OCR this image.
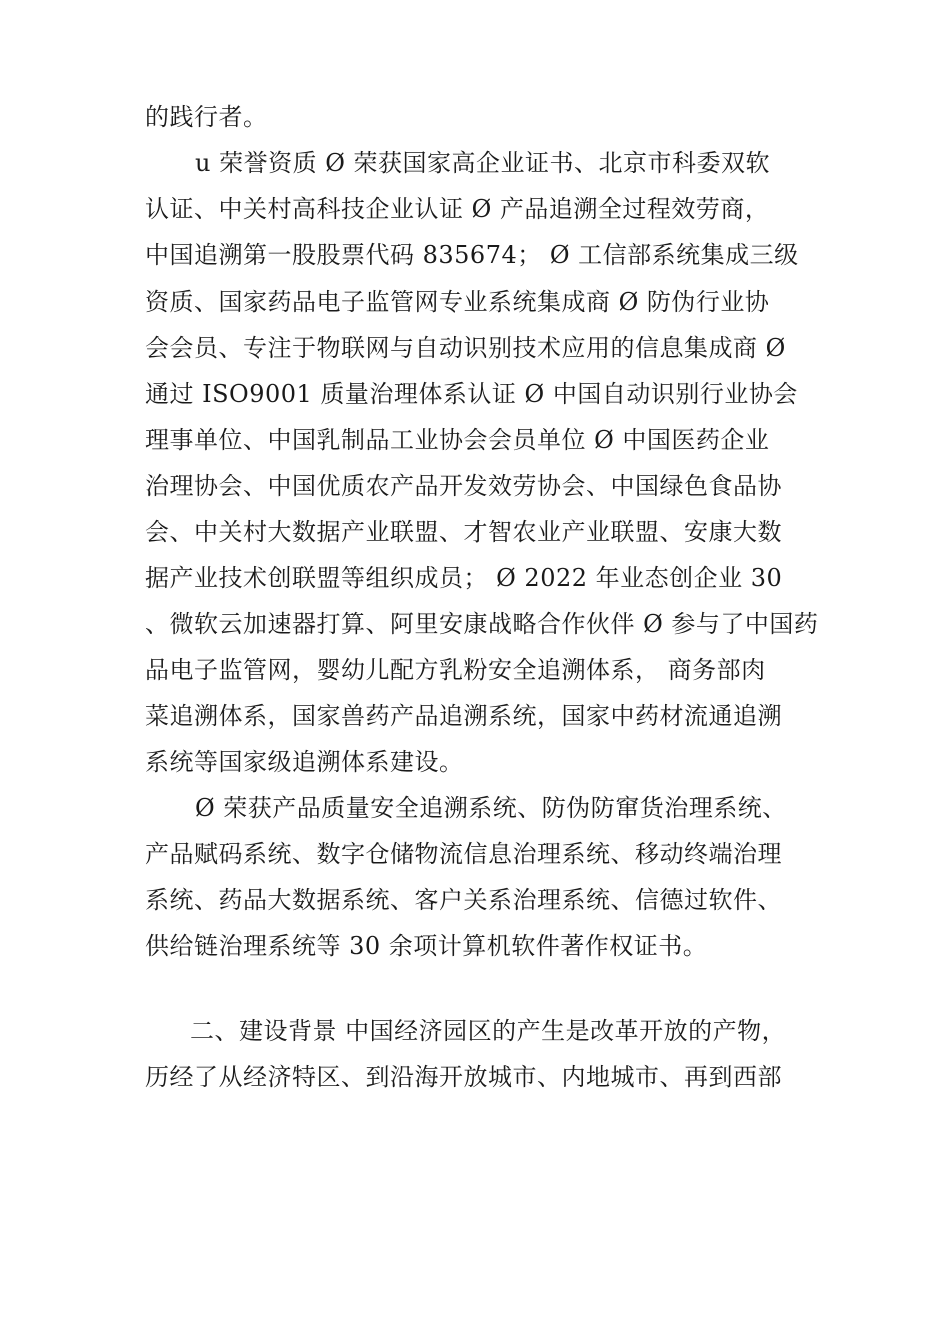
的践行者。
u 荣誉资质 Ø 荣获国家高企业证书、北京市科委双软
认证、中关村高科技企业认证 Ø 产品追溯全过程效劳商，
中国追溯第一股股票代码 835674； Ø 工信部系统集成三级
资质、国家药品电子监管网专业系统集成商 Ø 防伪行业协
会会员、专注于物联网与自动识别技术应用的信息集成商 Ø
通过 ISO9001 质量治理体系认证 Ø 中国自动识别行业协会
理事单位、中国乳制品工业协会会员单位 Ø 中国医药企业
治理协会、中国优质农产品开发效劳协会、中国绿色食品协
会、中关村大数据产业联盟、才智农业产业联盟、安康大数
据产业技术创联盟等组织成员； Ø 2022 年业态创企业 30
、微软云加速器打算、阿里安康战略合作伙伴 Ø 参与了中国药
品电子监管网，婴幼儿配方乳粉安全追溯体系， 商务部肉
菜追溯体系，国家兽药产品追溯系统，国家中药材流通追溯
系统等国家级追溯体系建设。
Ø 荣获产品质量安全追溯系统、防伪防窜货治理系统、
产品赋码系统、数字仓储物流信息治理系统、移动终端治理
系统、药品大数据系统、客户关系治理系统、信德过软件、
供给链治理系统等 30 余项计算机软件著作权证书。
二、建设背景 中国经济园区的产生是改革开放的产物，
历经了从经济特区、到沿海开放城市、内地城市、再到西部
